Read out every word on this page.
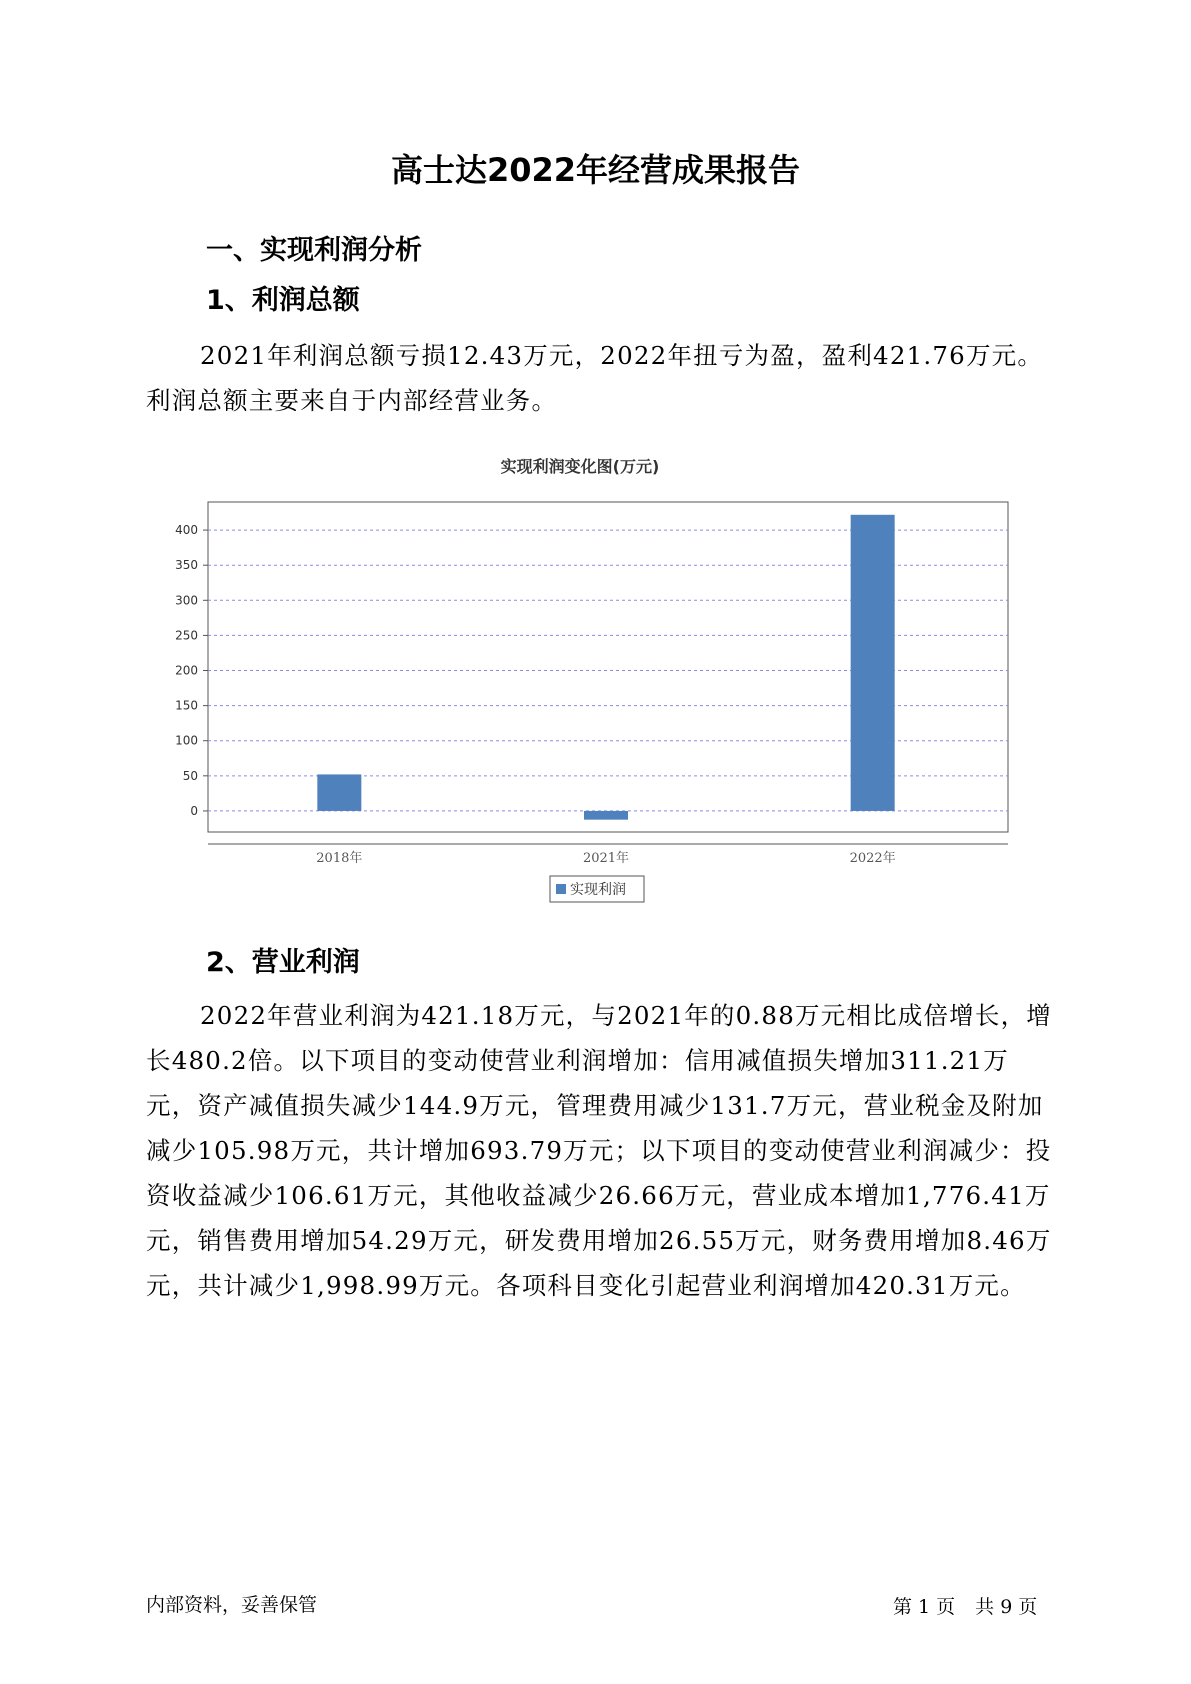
高士达2022年经营成果报告
一、实现利润分析
1、利润总额

2021年利润总额亏损12.43万元，2022年扭亏为盈，盈利421.76万元。利润总额主要来自于内部经营业务。

实现利润变化图(万元)
0
50
100
150
200
250
300
350
400
2018年	2021年	2022年
实现利润
2、营业利润

2022年营业利润为421.18万元，与2021年的0.88万元相比成倍增长，增长480.2倍。以下项目的变动使营业利润增加：信用减值损失增加311.21万元，资产减值损失减少144.9万元，管理费用减少131.7万元，营业税金及附加减少105.98万元，共计增加693.79万元；以下项目的变动使营业利润减少：投资收益减少106.61万元，其他收益减少26.66万元，营业成本增加1,776.41万元，销售费用增加54.29万元，研发费用增加26.55万元，财务费用增加8.46万元，共计减少1,998.99万元。各项科目变化引起营业利润增加420.31万元。

内部资料，妥善保管	第 1 页 共 9 页
